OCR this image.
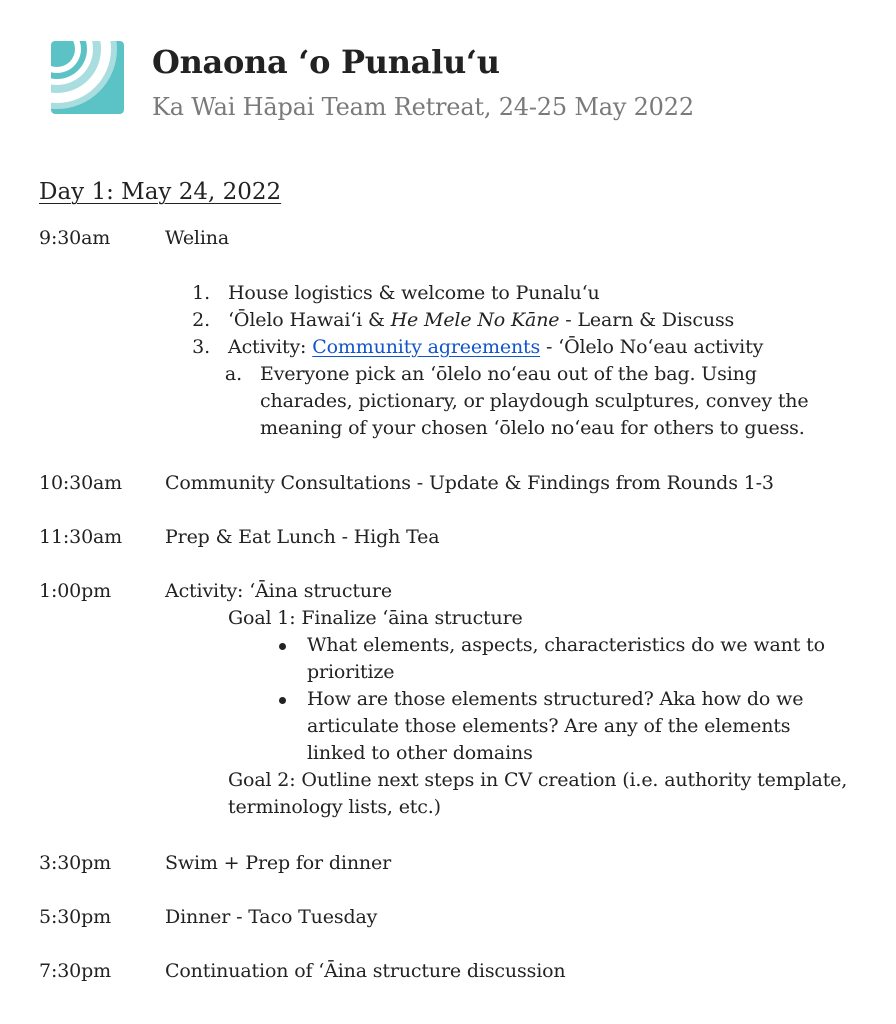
Onaona ʻo Punaluʻu
Ka Wai Hāpai Team Retreat, 24-25 May 2022
Day 1: May 24, 2022
9:30am	Welina
1. House logistics & welcome to Punaluʻu
2. ʻŌlelo Hawaiʻi & He Mele No Kāne - Learn & Discuss
3. Activity: Community agreements - ʻŌlelo Noʻeau activity
a. Everyone pick an ʻōlelo noʻeau out of the bag. Using
charades, pictionary, or playdough sculptures, convey the
meaning of your chosen ʻōlelo noʻeau for others to guess.
10:30am Community Consultations - Update & Findings from Rounds 1-3
11:30am Prep & Eat Lunch - High Tea
1:00pm	Activity: ʻĀina structure
Goal 1: Finalize ʻāina structure
What elements, aspects, characteristics do we want to
prioritize
How are those elements structured? Aka how do we
articulate those elements? Are any of the elements
linked to other domains
Goal 2: Outline next steps in CV creation (i.e. authority template,
terminology lists, etc.)
3:30pm	Swim + Prep for dinner
5:30pm	Dinner - Taco Tuesday
7:30pm	Continuation of ʻĀina structure discussion
